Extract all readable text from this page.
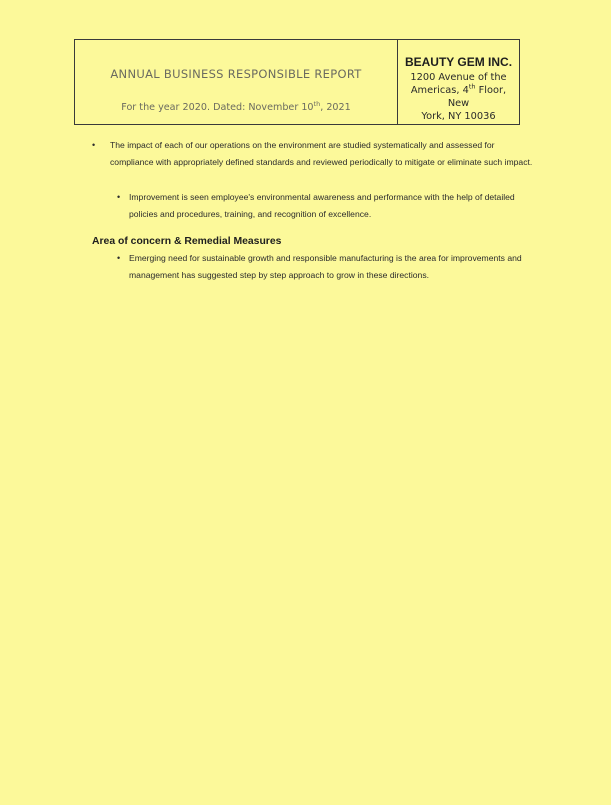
ANNUAL BUSINESS RESPONSIBLE REPORT
For the year 2020. Dated: November 10th, 2021
BEAUTY GEM INC.
1200 Avenue of the
Americas, 4th Floor, New
York, NY 10036
• The impact of each of our operations on the environment are studied systematically and assessed for compliance with appropriately defined standards and reviewed periodically to mitigate or eliminate such impact.
• Improvement is seen employee's environmental awareness and performance with the help of detailed policies and procedures, training, and recognition of excellence.
Area of concern & Remedial Measures
• Emerging need for sustainable growth and responsible manufacturing is the area for improvements and management has suggested step by step approach to grow in these directions.
